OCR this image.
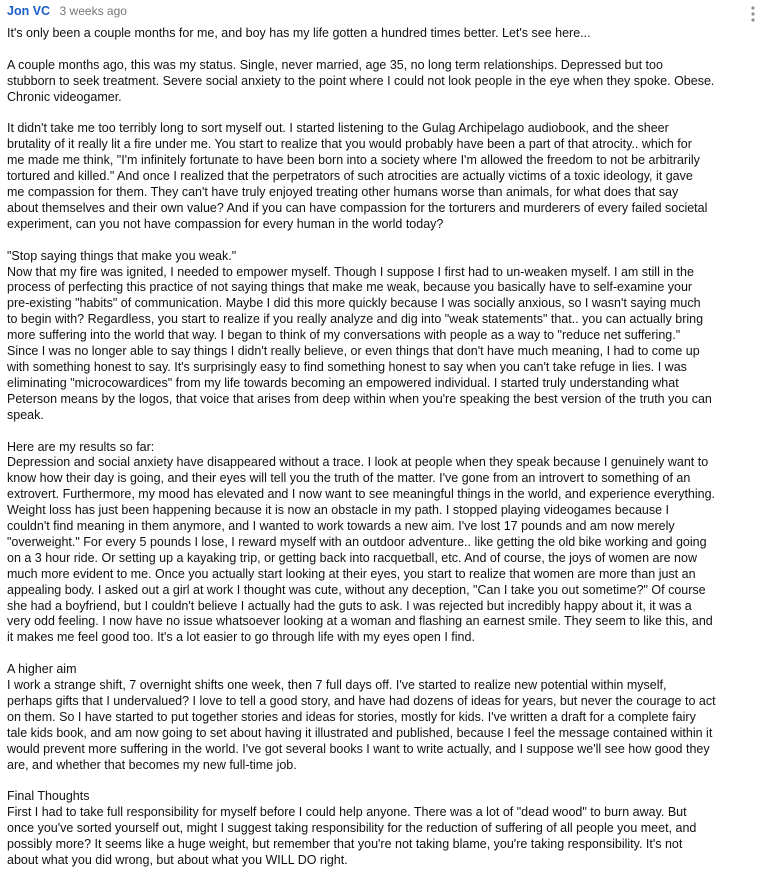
Jon VC 3 weeks ago

It's only been a couple months for me, and boy has my life gotten a hundred times better. Let's see here...

A couple months ago, this was my status. Single, never married, age 35, no long term relationships. Depressed but too
stubborn to seek treatment. Severe social anxiety to the point where I could not look people in the eye when they spoke. Obese.
Chronic videogamer.

It didn't take me too terribly long to sort myself out. I started listening to the Gulag Archipelago audiobook, and the sheer
brutality of it really lit a fire under me. You start to realize that you would probably have been a part of that atrocity.. which for
me made me think, "I'm infinitely fortunate to have been born into a society where I'm allowed the freedom to not be arbitrarily
tortured and killed." And once I realized that the perpetrators of such atrocities are actually victims of a toxic ideology, it gave
me compassion for them. They can't have truly enjoyed treating other humans worse than animals, for what does that say
about themselves and their own value? And if you can have compassion for the torturers and murderers of every failed societal
experiment, can you not have compassion for every human in the world today?

"Stop saying things that make you weak."
Now that my fire was ignited, I needed to empower myself. Though I suppose I first had to un-weaken myself. I am still in the
process of perfecting this practice of not saying things that make me weak, because you basically have to self-examine your
pre-existing "habits" of communication. Maybe I did this more quickly because I was socially anxious, so I wasn't saying much
to begin with? Regardless, you start to realize if you really analyze and dig into "weak statements" that.. you can actually bring
more suffering into the world that way. I began to think of my conversations with people as a way to "reduce net suffering."
Since I was no longer able to say things I didn't really believe, or even things that don't have much meaning, I had to come up
with something honest to say. It's surprisingly easy to find something honest to say when you can't take refuge in lies. I was
eliminating "microcowardices" from my life towards becoming an empowered individual. I started truly understanding what
Peterson means by the logos, that voice that arises from deep within when you're speaking the best version of the truth you can
speak.

Here are my results so far:
Depression and social anxiety have disappeared without a trace. I look at people when they speak because I genuinely want to
know how their day is going, and their eyes will tell you the truth of the matter. I've gone from an introvert to something of an
extrovert. Furthermore, my mood has elevated and I now want to see meaningful things in the world, and experience everything.
Weight loss has just been happening because it is now an obstacle in my path. I stopped playing videogames because I
couldn't find meaning in them anymore, and I wanted to work towards a new aim. I've lost 17 pounds and am now merely
"overweight." For every 5 pounds I lose, I reward myself with an outdoor adventure.. like getting the old bike working and going
on a 3 hour ride. Or setting up a kayaking trip, or getting back into racquetball, etc. And of course, the joys of women are now
much more evident to me. Once you actually start looking at their eyes, you start to realize that women are more than just an
appealing body. I asked out a girl at work I thought was cute, without any deception, "Can I take you out sometime?" Of course
she had a boyfriend, but I couldn't believe I actually had the guts to ask. I was rejected but incredibly happy about it, it was a
very odd feeling. I now have no issue whatsoever looking at a woman and flashing an earnest smile. They seem to like this, and
it makes me feel good too. It's a lot easier to go through life with my eyes open I find.

A higher aim
I work a strange shift, 7 overnight shifts one week, then 7 full days off. I've started to realize new potential within myself,
perhaps gifts that I undervalued? I love to tell a good story, and have had dozens of ideas for years, but never the courage to act
on them. So I have started to put together stories and ideas for stories, mostly for kids. I've written a draft for a complete fairy
tale kids book, and am now going to set about having it illustrated and published, because I feel the message contained within it
would prevent more suffering in the world. I've got several books I want to write actually, and I suppose we'll see how good they
are, and whether that becomes my new full-time job.

Final Thoughts
First I had to take full responsibility for myself before I could help anyone. There was a lot of "dead wood" to burn away. But
once you've sorted yourself out, might I suggest taking responsibility for the reduction of suffering of all people you meet, and
possibly more? It seems like a huge weight, but remember that you're not taking blame, you're taking responsibility. It's not
about what you did wrong, but about what you WILL DO right.
